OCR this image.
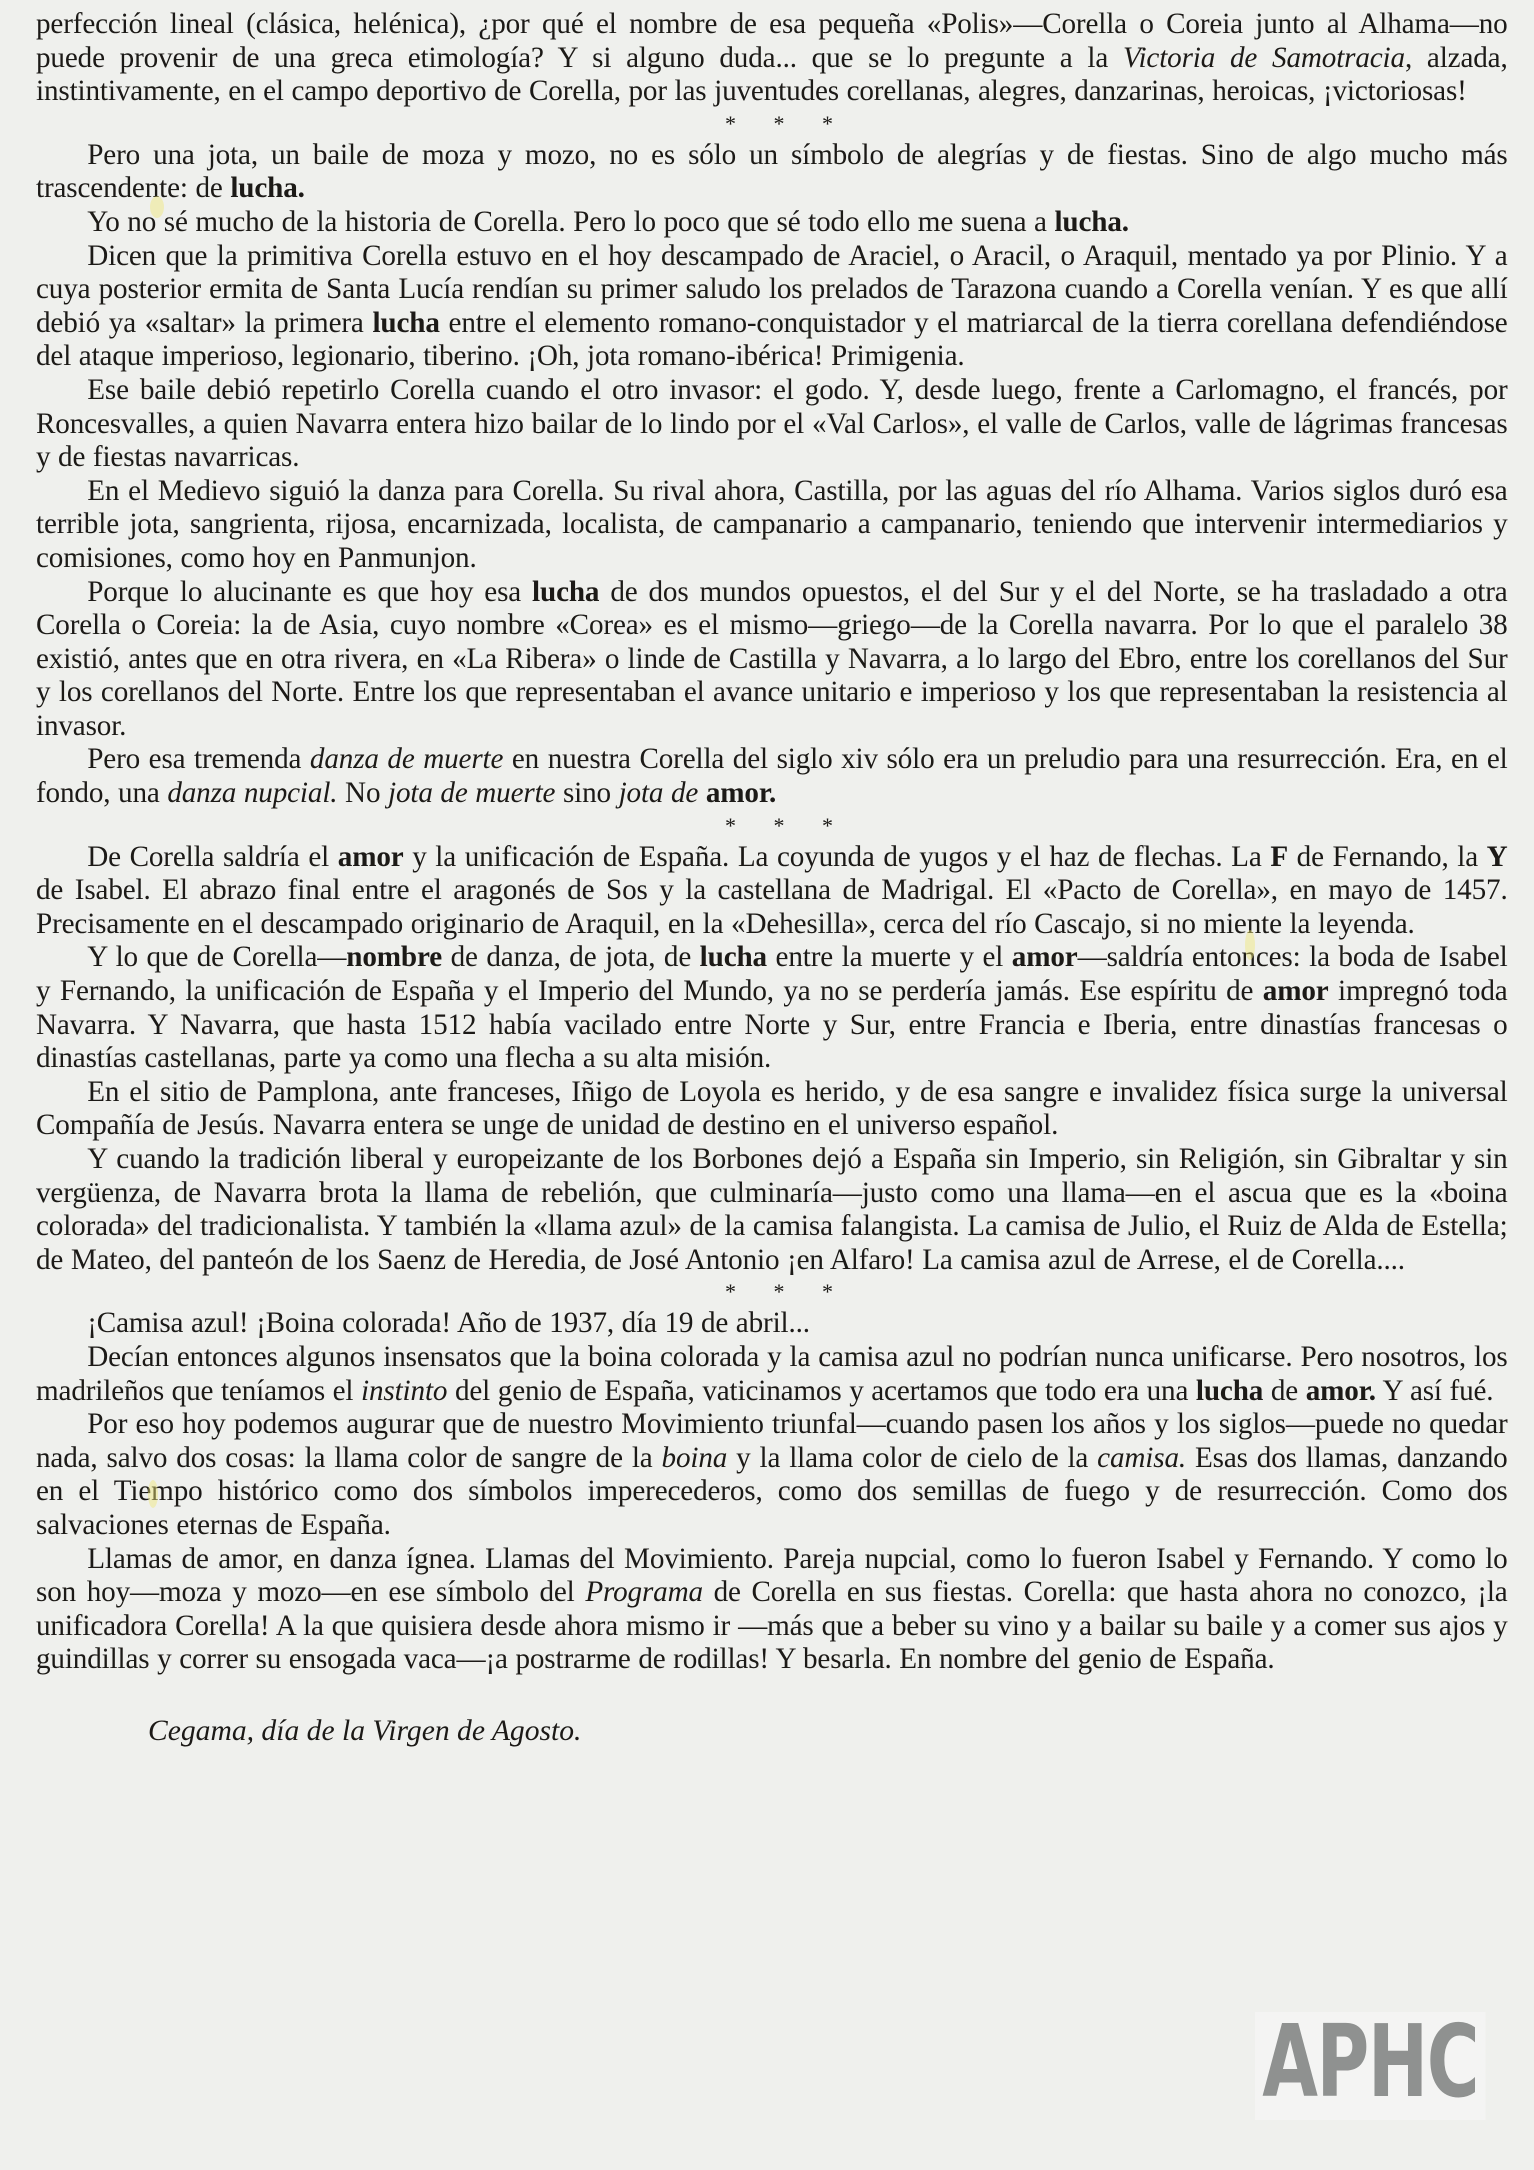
perfección lineal (clásica, helénica), ¿por qué el nombre de esa pequeña «Polis»—Corella o Coreia junto al Alhama—no puede provenir de una greca etimología? Y si alguno duda... que se lo pregunte a la Victoria de Samotracia, alzada, instintivamente, en el campo deportivo de Corella, por las juventudes corellanas, alegres, danzarinas, heroicas, ¡victoriosas!

* * *

Pero una jota, un baile de moza y mozo, no es sólo un símbolo de alegrías y de fiestas. Sino de algo mucho más trascendente: de lucha.

Yo no sé mucho de la historia de Corella. Pero lo poco que sé todo ello me suena a lucha.

Dicen que la primitiva Corella estuvo en el hoy descampado de Araciel, o Aracil, o Araquil, mentado ya por Plinio. Y a cuya posterior ermita de Santa Lucía rendían su primer saludo los prelados de Tarazona cuando a Corella venían. Y es que allí debió ya «saltar» la primera lucha entre el elemento romano-conquistador y el matriarcal de la tierra corellana defendiéndose del ataque imperioso, legionario, tiberino. ¡Oh, jota romano-ibérica! Primigenia.

Ese baile debió repetirlo Corella cuando el otro invasor: el godo. Y, desde luego, frente a Carlomagno, el francés, por Roncesvalles, a quien Navarra entera hizo bailar de lo lindo por el «Val Carlos», el valle de Carlos, valle de lágrimas francesas y de fiestas navarricas.

En el Medievo siguió la danza para Corella. Su rival ahora, Castilla, por las aguas del río Alhama. Varios siglos duró esa terrible jota, sangrienta, rijosa, encarnizada, localista, de campanario a campanario, teniendo que intervenir intermediarios y comisiones, como hoy en Panmunjon.

Porque lo alucinante es que hoy esa lucha de dos mundos opuestos, el del Sur y el del Norte, se ha trasladado a otra Corella o Coreia: la de Asia, cuyo nombre «Corea» es el mismo—griego—de la Corella navarra. Por lo que el paralelo 38 existió, antes que en otra rivera, en «La Ribera» o linde de Castilla y Navarra, a lo largo del Ebro, entre los corellanos del Sur y los corellanos del Norte. Entre los que representaban el avance unitario e imperioso y los que representaban la resistencia al invasor.

Pero esa tremenda danza de muerte en nuestra Corella del siglo xiv sólo era un preludio para una resurrección. Era, en el fondo, una danza nupcial. No jota de muerte sino jota de amor.

* * *

De Corella saldría el amor y la unificación de España. La coyunda de yugos y el haz de flechas. La F de Fernando, la Y de Isabel. El abrazo final entre el aragonés de Sos y la castellana de Madrigal. El «Pacto de Corella», en mayo de 1457. Precisamente en el descampado originario de Araquil, en la «Dehesilla», cerca del río Cascajo, si no miente la leyenda.

Y lo que de Corella—nombre de danza, de jota, de lucha entre la muerte y el amor—saldría entonces: la boda de Isabel y Fernando, la unificación de España y el Imperio del Mundo, ya no se perdería jamás. Ese espíritu de amor impregnó toda Navarra. Y Navarra, que hasta 1512 había vacilado entre Norte y Sur, entre Francia e Iberia, entre dinastías francesas o dinastías castellanas, parte ya como una flecha a su alta misión.

En el sitio de Pamplona, ante franceses, Iñigo de Loyola es herido, y de esa sangre e invalidez física surge la universal Compañía de Jesús. Navarra entera se unge de unidad de destino en el universo español.

Y cuando la tradición liberal y europeizante de los Borbones dejó a España sin Imperio, sin Religión, sin Gibraltar y sin vergüenza, de Navarra brota la llama de rebelión, que culminaría—justo como una llama—en el ascua que es la «boina colorada» del tradicionalista. Y también la «llama azul» de la camisa falangista. La camisa de Julio, el Ruiz de Alda de Estella; de Mateo, del panteón de los Saenz de Heredia, de José Antonio ¡en Alfaro! La camisa azul de Arrese, el de Corella....

* * *

¡Camisa azul! ¡Boina colorada! Año de 1937, día 19 de abril...

Decían entonces algunos insensatos que la boina colorada y la camisa azul no podrían nunca unificarse. Pero nosotros, los madrileños que teníamos el instinto del genio de España, vaticinamos y acertamos que todo era una lucha de amor. Y así fué.

Por eso hoy podemos augurar que de nuestro Movimiento triunfal—cuando pasen los años y los siglos—puede no quedar nada, salvo dos cosas: la llama color de sangre de la boina y la llama color de cielo de la camisa. Esas dos llamas, danzando en el Tiempo histórico como dos símbolos imperecederos, como dos semillas de fuego y de resurrección. Como dos salvaciones eternas de España.

Llamas de amor, en danza ígnea. Llamas del Movimiento. Pareja nupcial, como lo fueron Isabel y Fernando. Y como lo son hoy—moza y mozo—en ese símbolo del Programa de Corella en sus fiestas. Corella: que hasta ahora no conozco, ¡la unificadora Corella! A la que quisiera desde ahora mismo ir —más que a beber su vino y a bailar su baile y a comer sus ajos y guindillas y correr su ensogada vaca—¡a postrarme de rodillas! Y besarla. En nombre del genio de España.

Cegama, día de la Virgen de Agosto.
APHC
